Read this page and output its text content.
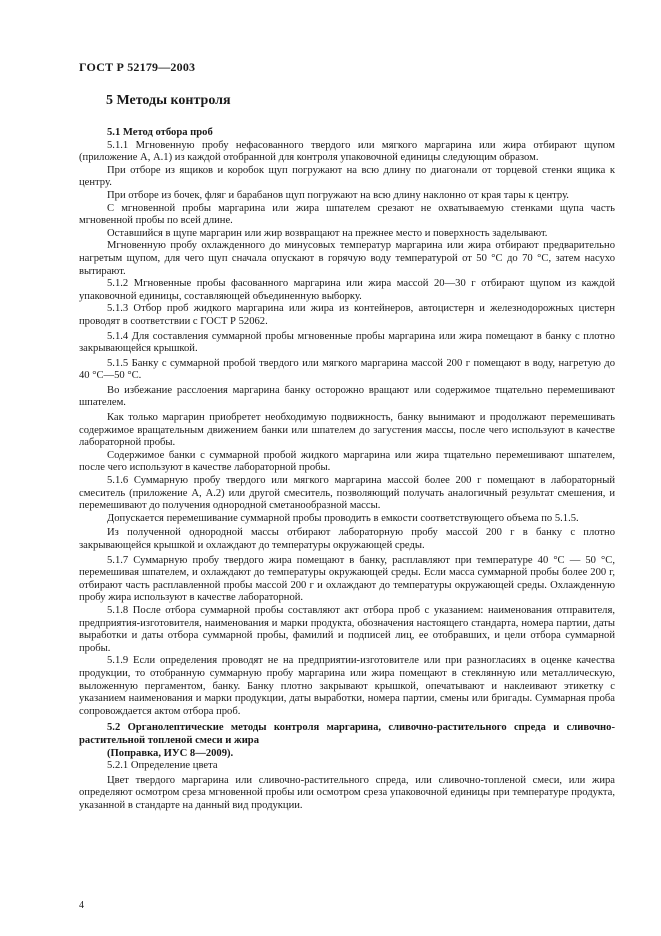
ГОСТ Р 52179—2003
5 Методы контроля

5.1 Метод отбора проб

5.1.1 Мгновенную пробу нефасованного твердого или мягкого маргарина или жира отбирают щупом (приложение А, А.1) из каждой отобранной для контроля упаковочной единицы следующим образом.

При отборе из ящиков и коробок щуп погружают на всю длину по диагонали от торцевой стенки ящика к центру.

При отборе из бочек, фляг и барабанов щуп погружают на всю длину наклонно от края тары к центру.

С мгновенной пробы маргарина или жира шпателем срезают не охватываемую стенками щупа часть мгновенной пробы по всей длине.

Оставшийся в щупе маргарин или жир возвращают на прежнее место и поверхность заделывают.

Мгновенную пробу охлажденного до минусовых температур маргарина или жира отбирают предварительно нагретым щупом, для чего щуп сначала опускают в горячую воду температурой от 50 °С до 70 °С, затем насухо вытирают.

5.1.2 Мгновенные пробы фасованного маргарина или жира массой 20—30 г отбирают щупом из каждой упаковочной единицы, составляющей объединенную выборку.

5.1.3 Отбор проб жидкого маргарина или жира из контейнеров, автоцистерн и железнодорожных цистерн проводят в соответствии с ГОСТ Р 52062.

5.1.4 Для составления суммарной пробы мгновенные пробы маргарина или жира помещают в банку с плотно закрывающейся крышкой.

5.1.5 Банку с суммарной пробой твердого или мягкого маргарина массой 200 г помещают в воду, нагретую до 40 °С—50 °С.

Во избежание расслоения маргарина банку осторожно вращают или содержимое тщательно перемешивают шпателем.

Как только маргарин приобретет необходимую подвижность, банку вынимают и продолжают перемешивать содержимое вращательным движением банки или шпателем до загустения массы, после чего используют в качестве лабораторной пробы.

Содержимое банки с суммарной пробой жидкого маргарина или жира тщательно перемешивают шпателем, после чего используют в качестве лабораторной пробы.

5.1.6 Суммарную пробу твердого или мягкого маргарина массой более 200 г помещают в лабораторный смеситель (приложение А, А.2) или другой смеситель, позволяющий получать аналогичный результат смешения, и перемешивают до получения однородной сметанообразной массы.

Допускается перемешивание суммарной пробы проводить в емкости соответствующего объема по 5.1.5.

Из полученной однородной массы отбирают лабораторную пробу массой 200 г в банку с плотно закрывающейся крышкой и охлаждают до температуры окружающей среды.

5.1.7 Суммарную пробу твердого жира помещают в банку, расплавляют при температуре 40 °С — 50 °С, перемешивая шпателем, и охлаждают до температуры окружающей среды. Если масса суммарной пробы более 200 г, отбирают часть расплавленной пробы массой 200 г и охлаждают до температуры окружающей среды. Охлажденную пробу жира используют в качестве лабораторной.

5.1.8 После отбора суммарной пробы составляют акт отбора проб с указанием: наименования отправителя, предприятия-изготовителя, наименования и марки продукта, обозначения настоящего стандарта, номера партии, даты выработки и даты отбора суммарной пробы, фамилий и подписей лиц, ее отобравших, и цели отбора суммарной пробы.

5.1.9 Если определения проводят не на предприятии-изготовителе или при разногласиях в оценке качества продукции, то отобранную суммарную пробу маргарина или жира помещают в стеклянную или металлическую, выложенную пергаментом, банку. Банку плотно закрывают крышкой, опечатывают и наклеивают этикетку с указанием наименования и марки продукции, даты выработки, номера партии, смены или бригады. Суммарная проба сопровождается актом отбора проб.

5.2 Органолептические методы контроля маргарина, сливочно-растительного спреда и сливочно-растительной топленой смеси и жира

(Поправка, ИУС 8—2009).

5.2.1 Определение цвета

Цвет твердого маргарина или сливочно-растительного спреда, или сливочно-топленой смеси, или жира определяют осмотром среза мгновенной пробы или осмотром среза упаковочной единицы при температуре продукта, указанной в стандарте на данный вид продукции.

4
